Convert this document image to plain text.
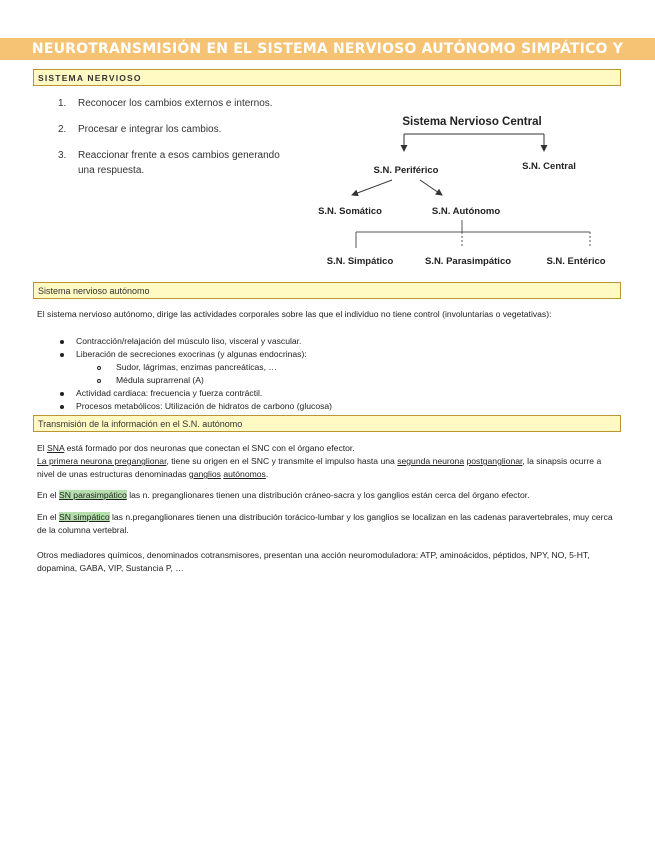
NEUROTRANSMISIÓN EN EL SISTEMA NERVIOSO AUTÓNOMO SIMPÁTICO Y
SISTEMA NERVIOSO
1. Reconocer los cambios externos e internos.
2. Procesar e integrar los cambios.
3. Reaccionar frente a esos cambios generando una respuesta.
Sistema Nervioso Central
S.N. Periférico	S.N. Central
S.N. Somático	S.N. Autónomo
S.N. Simpático	S.N. Parasimpático	S.N. Entérico
Sistema nervioso autónomo
El sistema nervioso autónomo, dirige las actividades corporales sobre las que el individuo no tiene control (involuntarias o vegetativas):
Contracción/relajación del músculo liso, visceral y vascular.
Liberación de secreciones exocrinas (y algunas endocrinas):
Sudor, lágrimas, enzimas pancreáticas, …
Médula suprarrenal (A)
Actividad cardiaca: frecuencia y fuerza contráctil.
Procesos metabólicos: Utilización de hidratos de carbono (glucosa)
Transmisión de la información en el S.N. autónomo
El SNA está formado por dos neuronas que conectan el SNC con el órgano efector.
La primera neurona preganglionar, tiene su origen en el SNC y transmite el impulso hasta una segunda neurona postganglionar, la sinapsis ocurre a nivel de unas estructuras denominadas ganglios autónomos.
En el SN parasimpático las n. preganglionares tienen una distribución cráneo-sacra y los ganglios están cerca del órgano efector.
En el SN simpático las n.preganglionares tienen una distribución torácico-lumbar y los ganglios se localizan en las cadenas paravertebrales, muy cerca de la columna vertebral.
Otros mediadores químicos, denominados cotransmisores, presentan una acción neuromoduladora: ATP, aminoácidos, péptidos, NPY, NO, 5-HT, dopamina, GABA, VIP, Sustancia P, …
